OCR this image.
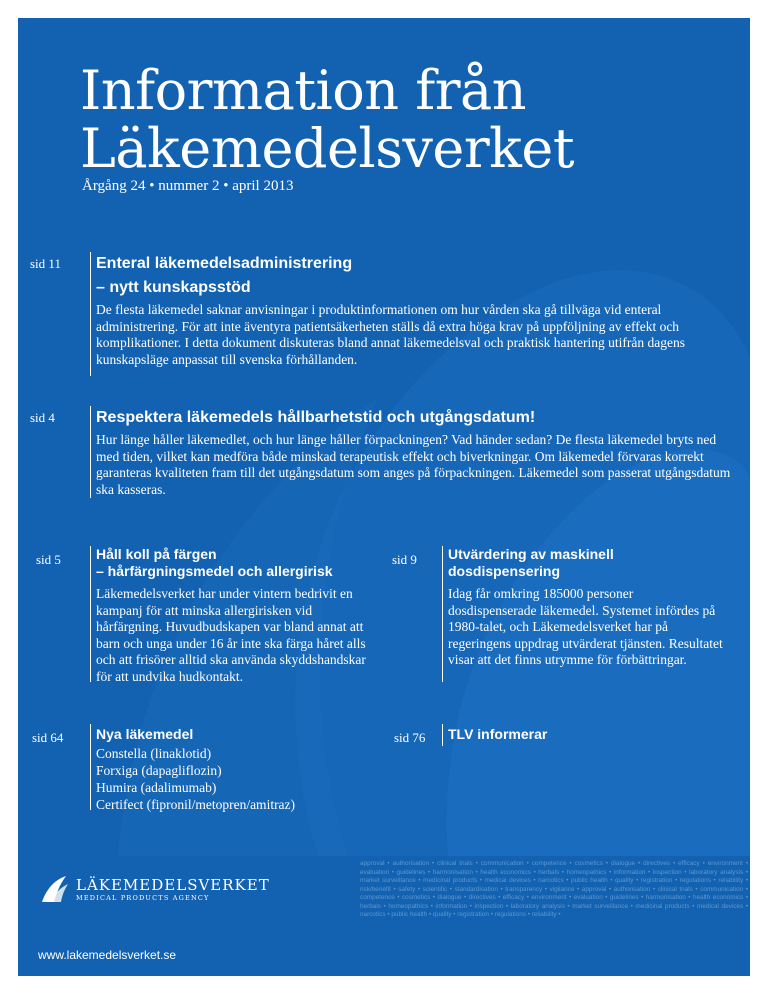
Information från
Läkemedelsverket
Årgång 24 • nummer 2 • april 2013
sid 11 Enteral läkemedelsadministrering
– nytt kunskapsstöd

De flesta läkemedel saknar anvisningar i produktinformationen om hur vården ska gå tillväga vid enteral administrering. För att inte äventyra patientsäkerheten ställs då extra höga krav på uppföljning av effekt och komplikationer. I detta dokument diskuteras bland annat läkemedelsval och praktisk hantering utifrån dagens kunskapsläge anpassat till svenska förhållanden.

sid 4	Respektera läkemedels hållbarhetstid och utgångsdatum!

Hur länge håller läkemedlet, och hur länge håller förpackningen? Vad händer sedan? De flesta läkemedel bryts ned med tiden, vilket kan medföra både minskad terapeutisk effekt och biverkningar. Om läkemedel förvaras korrekt garanteras kvaliteten fram till det utgångsdatum som anges på förpackningen. Läkemedel som passerat utgångsdatum ska kasseras.

sid 5	Håll koll på färgen
– hårfärgningsmedel och allergirisk

Läkemedelsverket har under vintern bedrivit en kampanj för att minska allergirisken vid hårfärgning. Huvudbudskapen var bland annat att barn och unga under 16 år inte ska färga håret alls och att frisörer alltid ska använda skyddshandskar för att undvika hudkontakt.

sid 9 Utvärdering av maskinell
dosdispensering

Idag får omkring 185000 personer dosdispenserade läkemedel. Systemet infördes på 1980-talet, och Läkemedelsverket har på regeringens uppdrag utvärderat tjänsten. Resultatet visar att det finns utrymme för förbättringar.

sid 64 Nya läkemedel
Constella (linaklotid)
Forxiga (dapagliflozin)
Humira (adalimumab)
Certifect (fipronil/metopren/amitraz)
sid 76 TLV informerar
approval • authorisation • clinical trials • communication • competence • cosmetics • dialogue • directives • efficacy • environment • evaluation • guidelines • harmonisation • health economics • herbals • homeopathics • information • inspection • laboratory analysis • market surveillance • medicinal products • medical devices • narcotics • public health • quality • registration • regulations • reliability • risk/benefit • safety • scientific • standardisation • transparency • vigilance • approval • authorisation • clinical trials • communication • competence • cosmetics • dialogue • directives • efficacy • environment • evaluation • guidelines • harmonisation • health economics • herbals • homeopathics • information • inspection • laboratory analysis • market surveillance • medicinal products • medical devices • narcotics • public health • quality • registration • regulations • reliability •
LÄKEMEDELSVERKET
MEDICAL PRODUCTS AGENCY
www.lakemedelsverket.se
